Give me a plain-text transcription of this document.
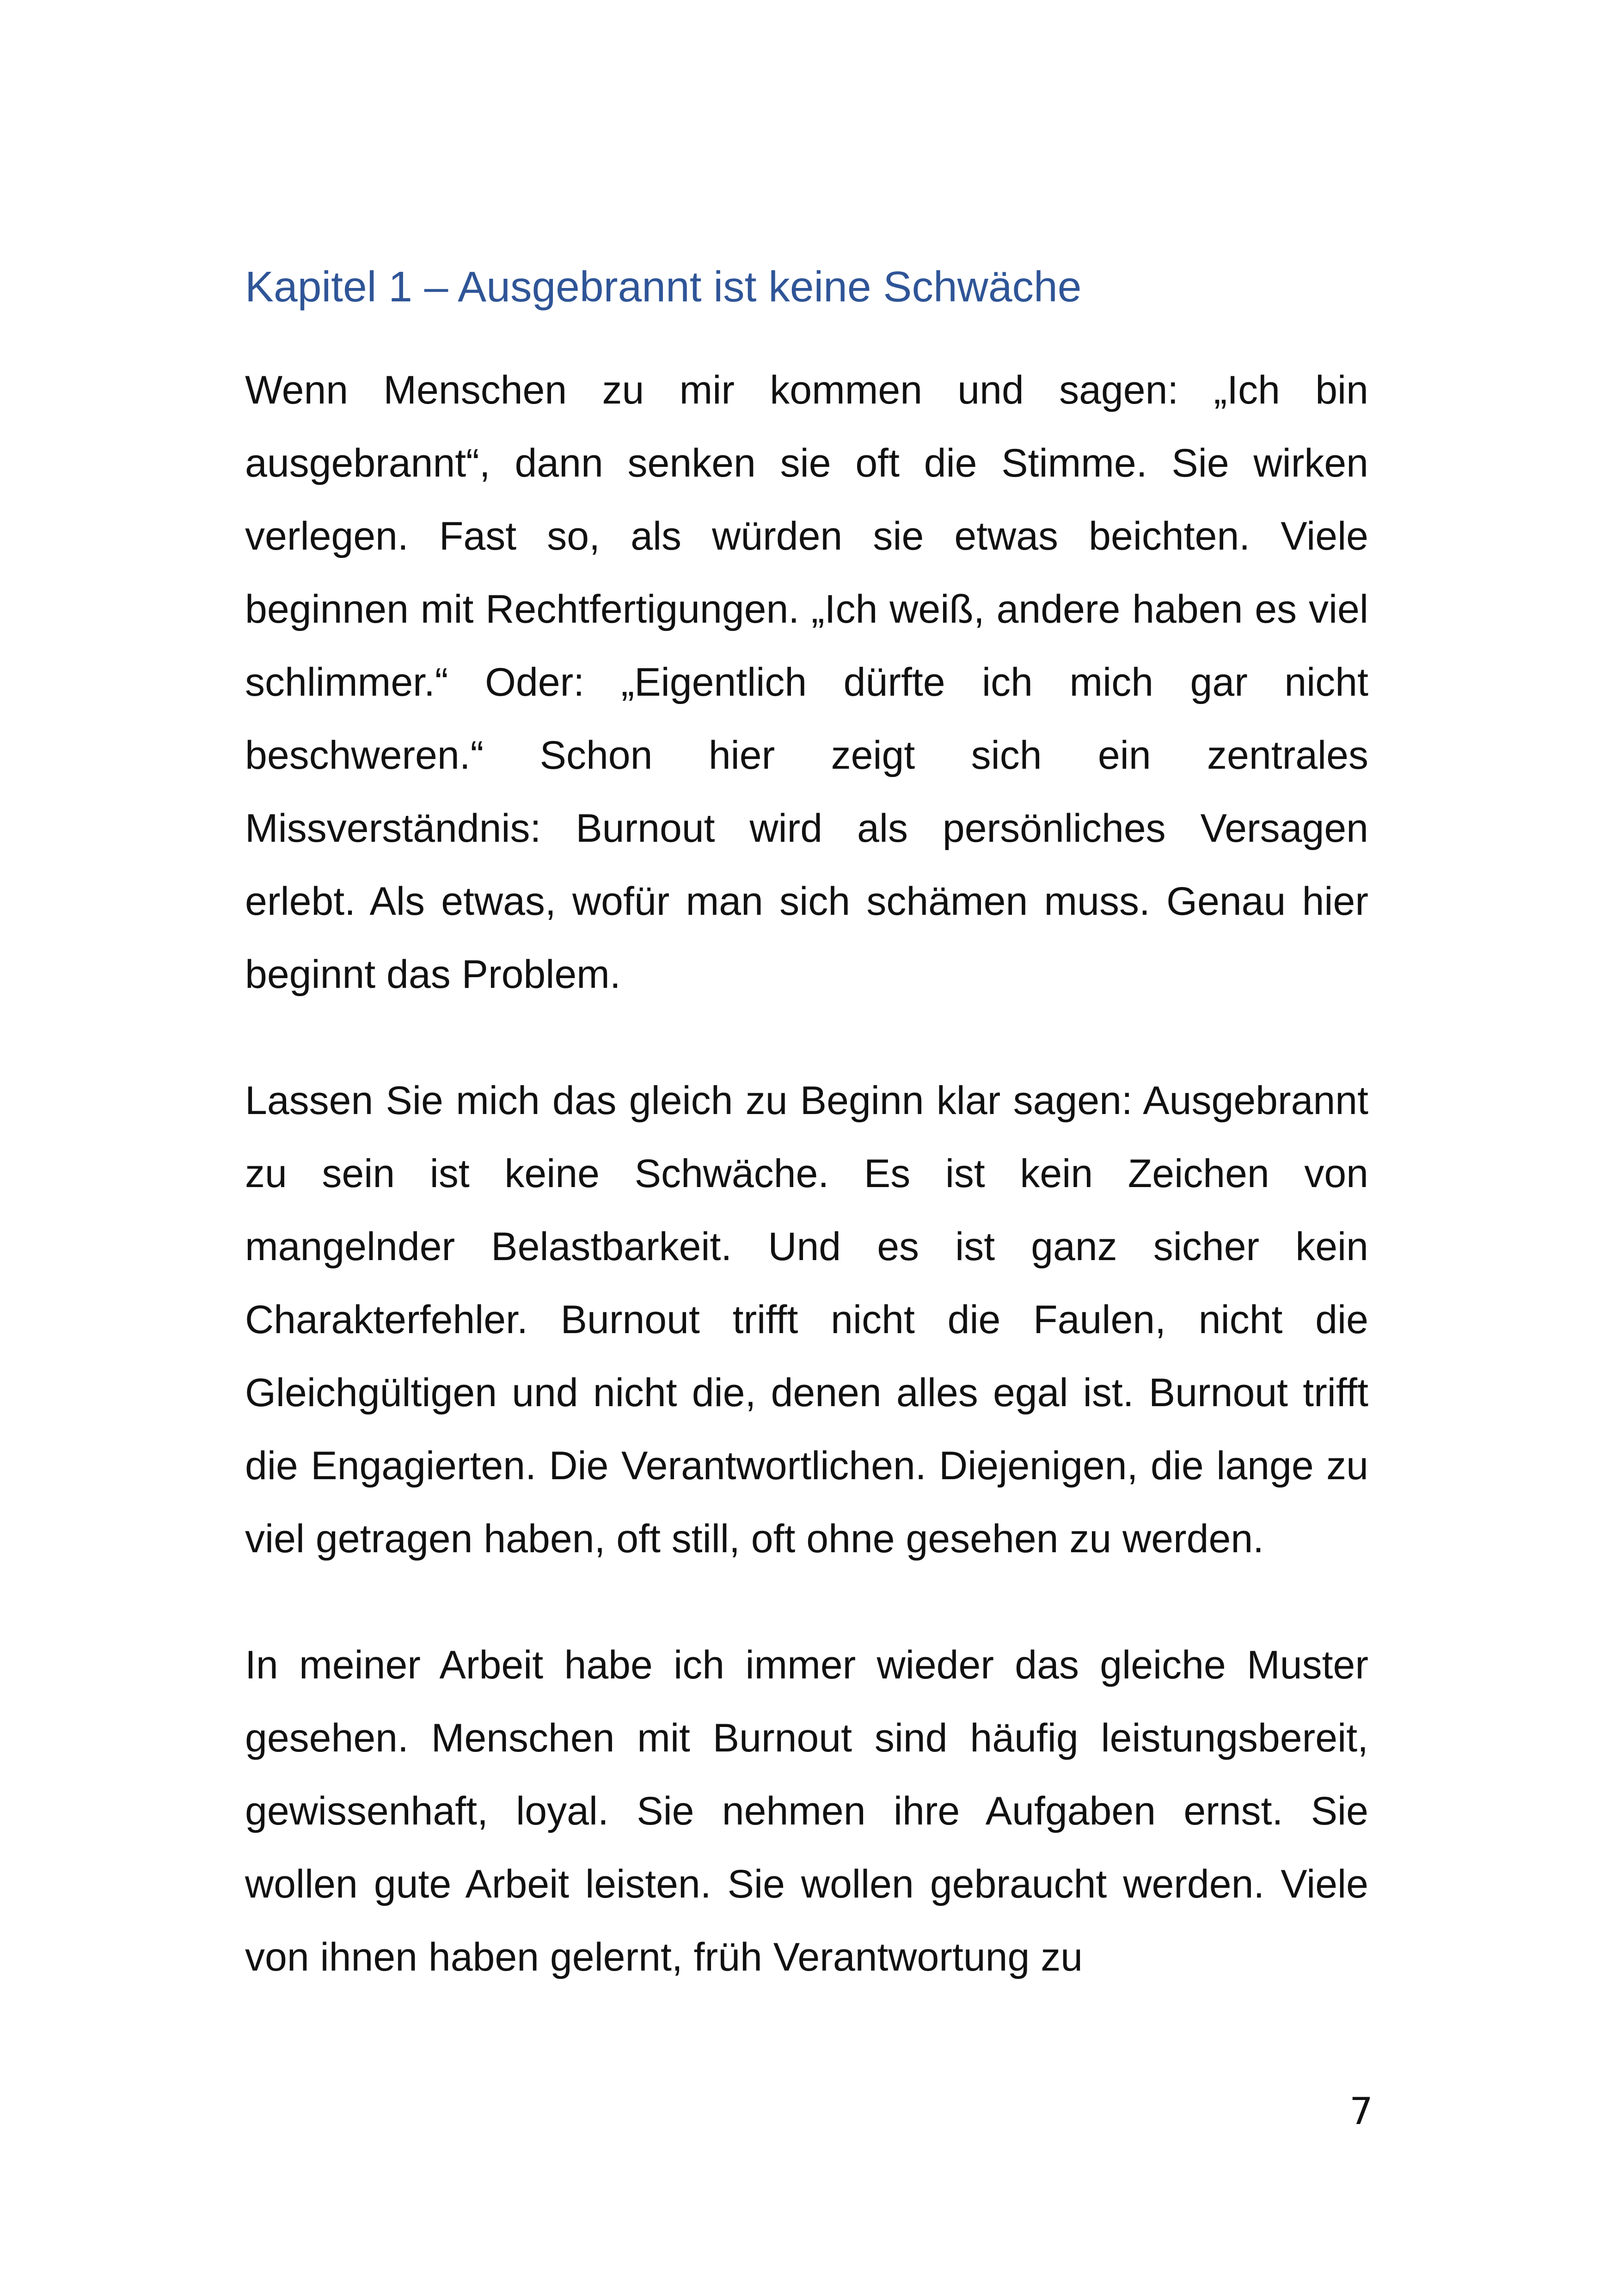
Kapitel 1 – Ausgebrannt ist keine Schwäche

Wenn Menschen zu mir kommen und sagen: „Ich bin ausgebrannt“, dann senken sie oft die Stimme. Sie wirken verlegen. Fast so, als würden sie etwas beichten. Viele beginnen mit Rechtfertigungen. „Ich weiß, andere haben es viel schlimmer.“ Oder: „Eigentlich dürfte ich mich gar nicht beschweren.“ Schon hier zeigt sich ein zentrales Missverständnis: Burnout wird als persönliches Versagen erlebt. Als etwas, wofür man sich schämen muss. Genau hier beginnt das Problem.

Lassen Sie mich das gleich zu Beginn klar sagen: Ausgebrannt zu sein ist keine Schwäche. Es ist kein Zeichen von mangelnder Belastbarkeit. Und es ist ganz sicher kein Charakterfehler. Burnout trifft nicht die Faulen, nicht die Gleichgültigen und nicht die, denen alles egal ist. Burnout trifft die Engagierten. Die Verantwortlichen. Diejenigen, die lange zu viel getragen haben, oft still, oft ohne gesehen zu werden.

In meiner Arbeit habe ich immer wieder das gleiche Muster gesehen. Menschen mit Burnout sind häufig leistungsbereit, gewissenhaft, loyal. Sie nehmen ihre Aufgaben ernst. Sie wollen gute Arbeit leisten. Sie wollen gebraucht werden. Viele von ihnen haben gelernt, früh Verantwortung zu

7
